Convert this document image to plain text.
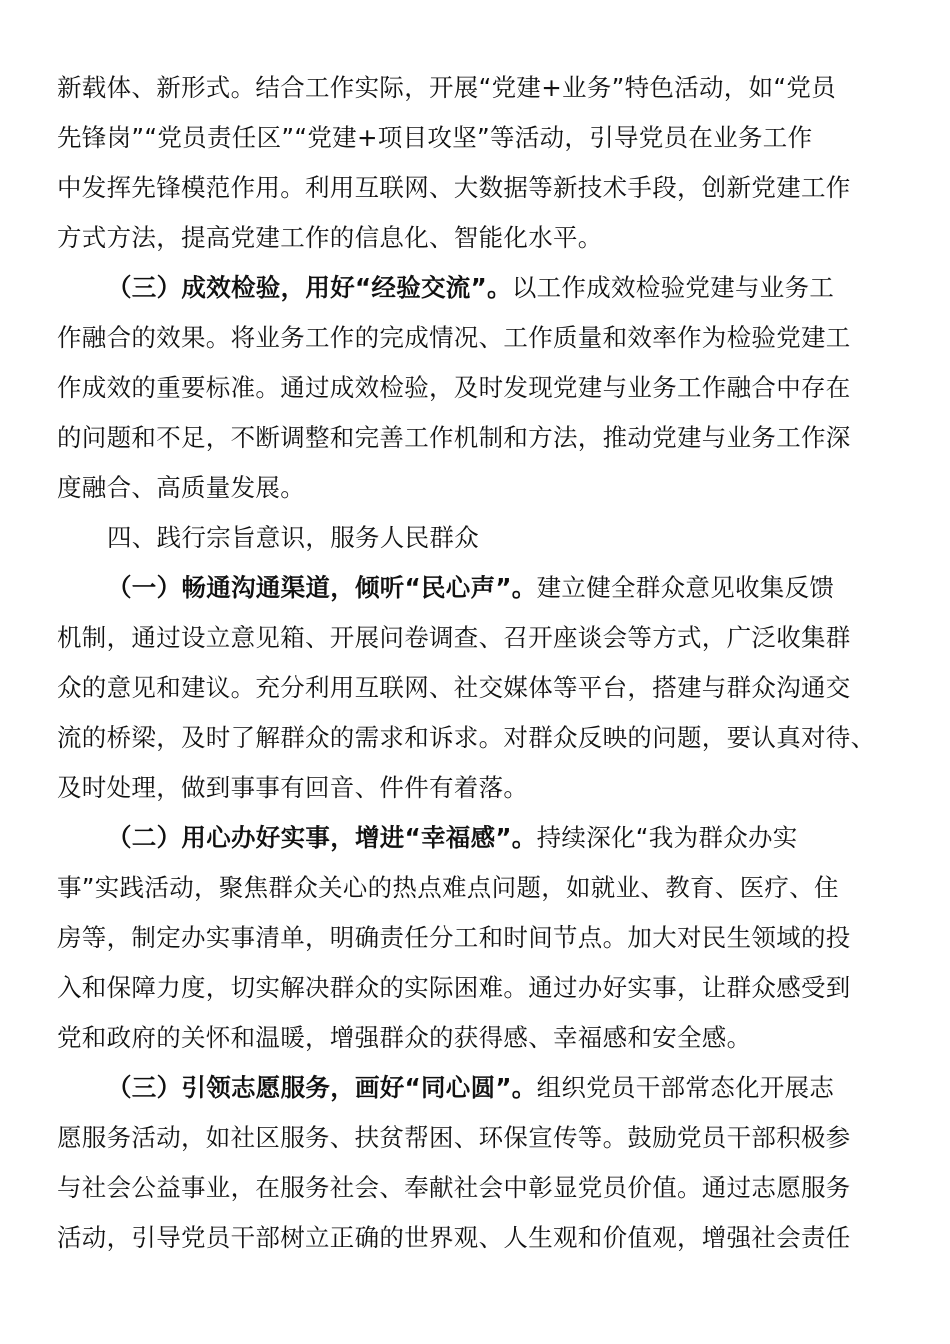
新载体、新形式。结合工作实际，开展“党建+业务”特色活动，如“党员
先锋岗”“党员责任区”“党建+项目攻坚”等活动，引导党员在业务工作
中发挥先锋模范作用。利用互联网、大数据等新技术手段，创新党建工作
方式方法，提高党建工作的信息化、智能化水平。
（三）成效检验，用好“经验交流”。以工作成效检验党建与业务工
作融合的效果。将业务工作的完成情况、工作质量和效率作为检验党建工
作成效的重要标准。通过成效检验，及时发现党建与业务工作融合中存在
的问题和不足，不断调整和完善工作机制和方法，推动党建与业务工作深
度融合、高质量发展。
四、践行宗旨意识，服务人民群众
（一）畅通沟通渠道，倾听“民心声”。建立健全群众意见收集反馈
机制，通过设立意见箱、开展问卷调查、召开座谈会等方式，广泛收集群
众的意见和建议。充分利用互联网、社交媒体等平台，搭建与群众沟通交
流的桥梁，及时了解群众的需求和诉求。对群众反映的问题，要认真对待、
及时处理，做到事事有回音、件件有着落。
（二）用心办好实事，增进“幸福感”。持续深化“我为群众办实
事”实践活动，聚焦群众关心的热点难点问题，如就业、教育、医疗、住
房等，制定办实事清单，明确责任分工和时间节点。加大对民生领域的投
入和保障力度，切实解决群众的实际困难。通过办好实事，让群众感受到
党和政府的关怀和温暖，增强群众的获得感、幸福感和安全感。
（三）引领志愿服务，画好“同心圆”。组织党员干部常态化开展志
愿服务活动，如社区服务、扶贫帮困、环保宣传等。鼓励党员干部积极参
与社会公益事业，在服务社会、奉献社会中彰显党员价值。通过志愿服务
活动，引导党员干部树立正确的世界观、人生观和价值观，增强社会责任
